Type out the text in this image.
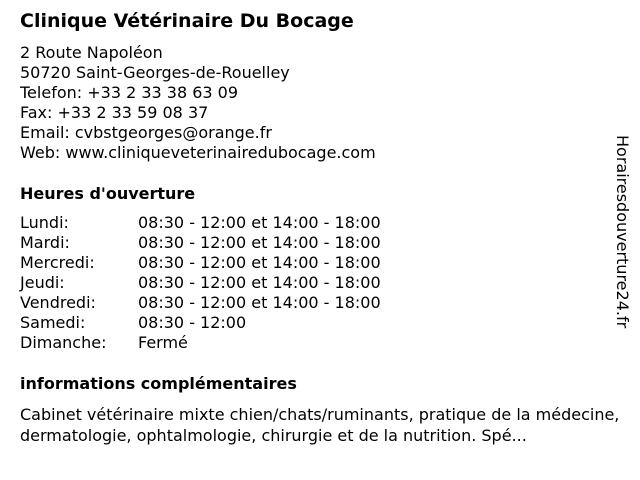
Clinique Vétérinaire Du Bocage
2 Route Napoléon
50720 Saint-Georges-de-Rouelley
Telefon: +33 2 33 38 63 09
Fax: +33 2 33 59 08 37
Email: cvbstgeorges@orange.fr
Web: www.cliniqueveterinairedubocage.com
Heures d'ouverture
Lundi:	08:30 - 12:00 et 14:00 - 18:00
Mardi:	08:30 - 12:00 et 14:00 - 18:00
Mercredi:	08:30 - 12:00 et 14:00 - 18:00
Jeudi:	08:30 - 12:00 et 14:00 - 18:00
Vendredi:	08:30 - 12:00 et 14:00 - 18:00
Samedi:	08:30 - 12:00
Dimanche: Fermé
informations complémentaires
Cabinet vétérinaire mixte chien/chats/ruminants, pratique de la médecine, dermatologie, ophtalmologie, chirurgie et de la nutrition. Spé...
Horairesdouverture24.fr
